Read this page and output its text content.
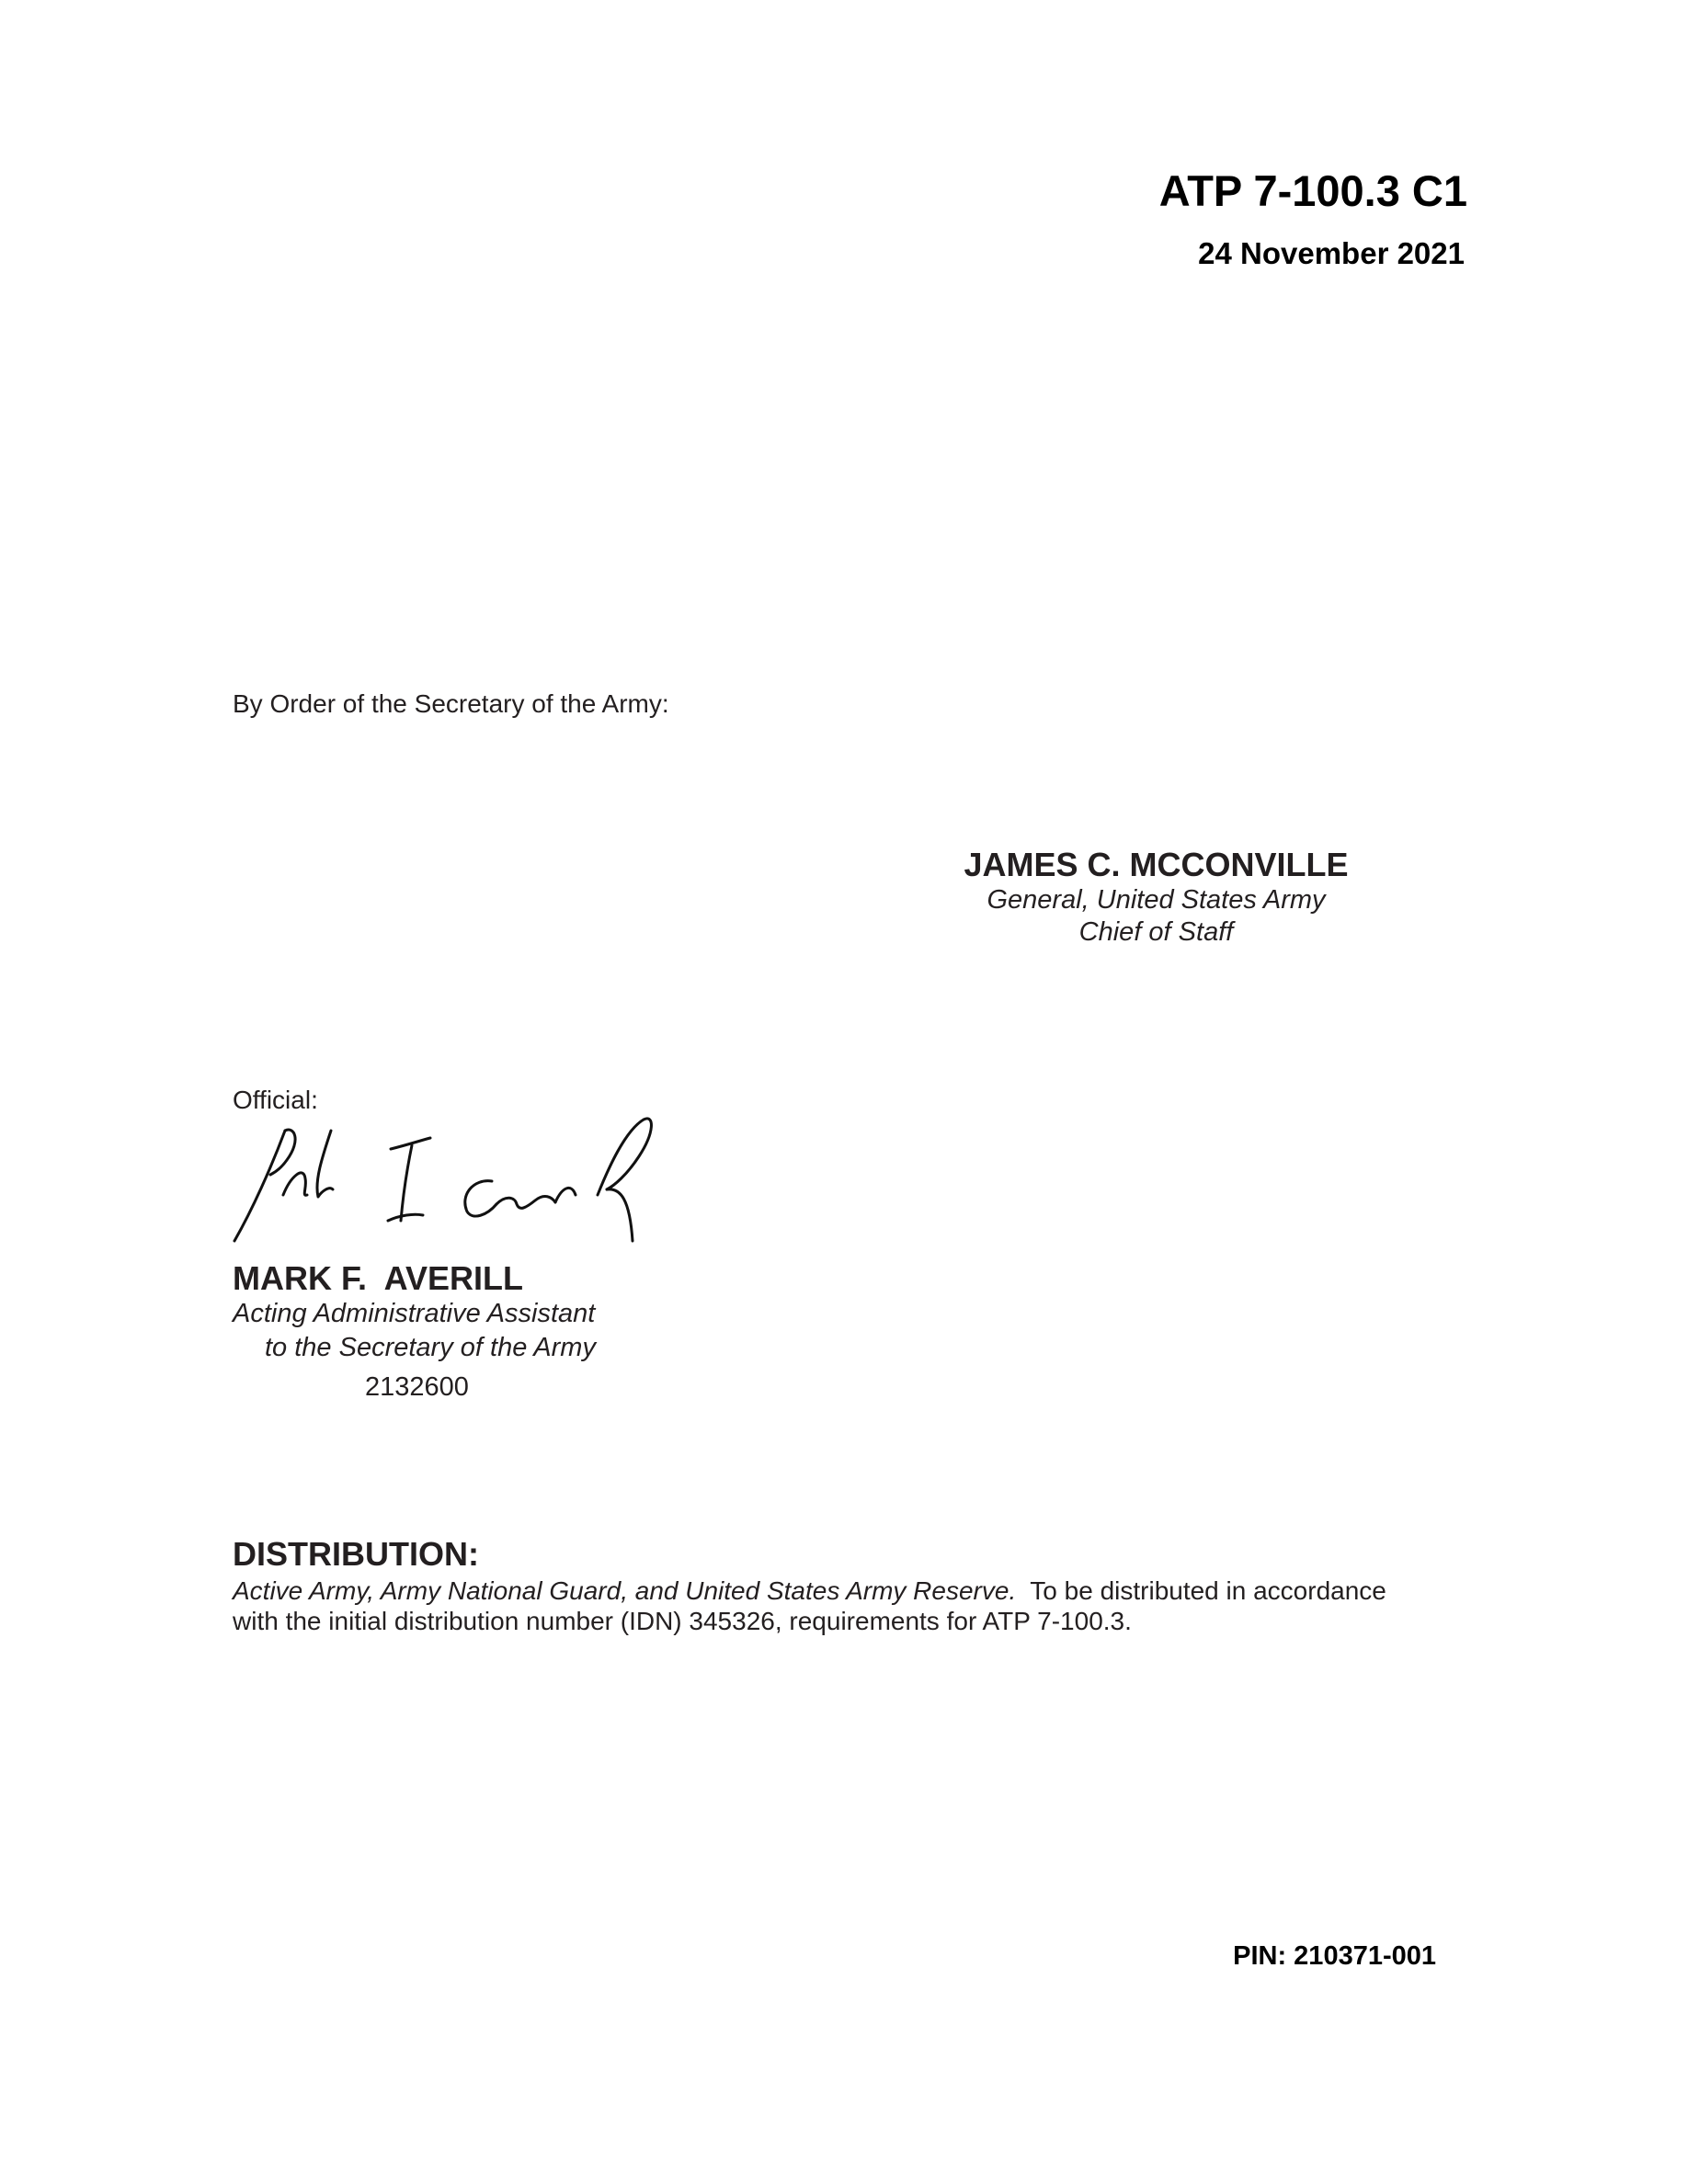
ATP 7-100.3 C1
24 November 2021
By Order of the Secretary of the Army:
JAMES C. MCCONVILLE
General, United States Army
Chief of Staff
Official:
MARK F.  AVERILL
Acting Administrative Assistant
to the Secretary of the Army
2132600
DISTRIBUTION:
Active Army, Army National Guard, and United States Army Reserve. To be distributed in accordance with the initial distribution number (IDN) 345326, requirements for ATP 7-100.3.
PIN: 210371-001
